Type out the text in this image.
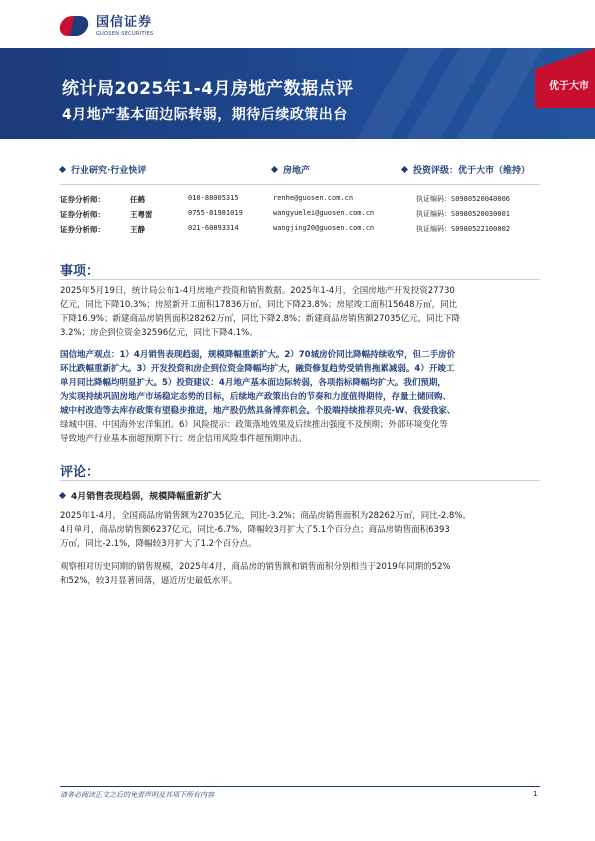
国信证券
GUOSEN SECURITIES
统计局2025年1-4月房地产数据点评
4月地产基本面边际转弱，期待后续政策出台
优于大市
行业研究·行业快评	房地产	投资评级：优于大市（维持）
证券分析师：	任鹤	010-88005315	renhe@guosen.com.cn	执证编码：S0980520040006
证券分析师：	王粤雷	0755-81981019	wangyuelei@guosen.com.cn	执证编码：S0980520030001
证券分析师：	王静	021-60893314	wangjing20@guosen.com.cn	执证编码：S0980522100002
事项：
2025年5月19日，统计局公布1-4月房地产投资和销售数据。2025年1-4月，全国房地产开发投资27730
亿元，同比下降10.3%；房屋新开工面积17836万㎡，同比下降23.8%；房屋竣工面积15648万㎡，同比
下降16.9%；新建商品房销售面积28262万㎡，同比下降2.8%；新建商品房销售额27035亿元，同比下降
3.2%；房企到位资金32596亿元，同比下降4.1%。
国信地产观点：1）4月销售表现趋弱，规模降幅重新扩大。2）70城房价同比降幅持续收窄，但二手房价
环比跌幅重新扩大。3）开发投资和房企到位资金降幅均扩大，融资修复趋势受销售拖累减弱。4）开竣工
单月同比降幅均明显扩大。5）投资建议：4月地产基本面边际转弱，各项指标降幅均扩大。我们预期，
为实现持续巩固房地产市场稳定态势的目标，后续地产政策出台的节奏和力度值得期待，存量土储回购、
城中村改造等去库存政策有望稳步推进，地产股仍然具备博弈机会。个股端持续推荐贝壳-W、我爱我家、
绿城中国、中国海外宏洋集团。6）风险提示：政策落地效果及后续推出强度不及预期；外部环境变化等
导致地产行业基本面超预期下行；房企信用风险事件超预期冲击。
评论：
4月销售表现趋弱，规模降幅重新扩大
2025年1-4月，全国商品房销售额为27035亿元，同比-3.2%；商品房销售面积为28262万㎡，同比-2.8%。
4月单月，商品房销售额6237亿元，同比-6.7%，降幅较3月扩大了5.1个百分点；商品房销售面积6393
万㎡，同比-2.1%，降幅较3月扩大了1.2个百分点。
观察相对历史同期的销售规模，2025年4月，商品房的销售额和销售面积分别相当于2019年同期的52%
和52%，较3月显著回落，逼近历史最低水平。
请务必阅读正文之后的免责声明及其项下所有内容	1
